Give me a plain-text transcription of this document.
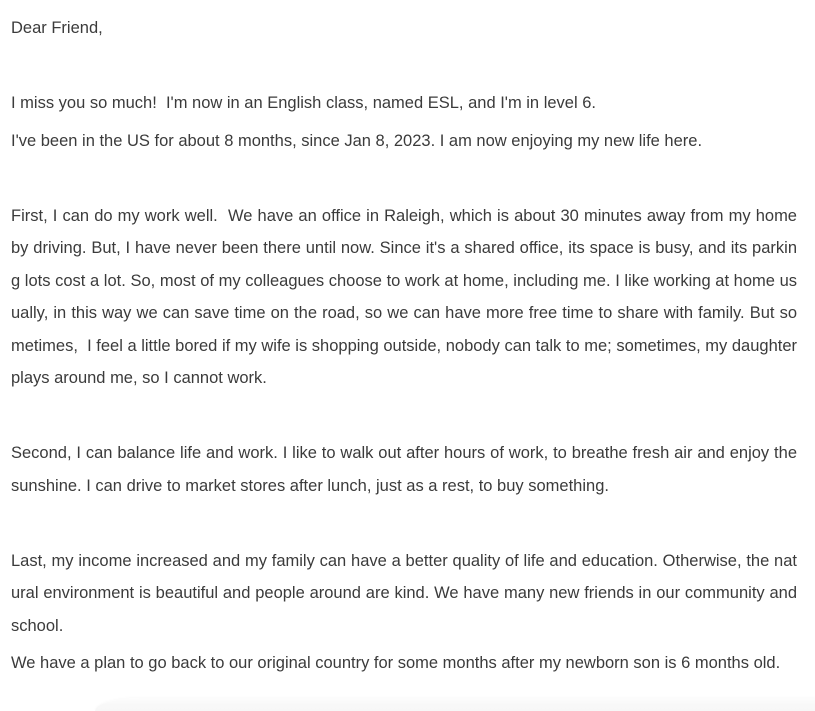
Dear Friend,

I miss you so much!  I'm now in an English class, named ESL, and I'm in level 6.

I've been in the US for about 8 months, since Jan 8, 2023. I am now enjoying my new life here.

First, I can do my work well.  We have an office in Raleigh, which is about 30 minutes away from my home by driving. But, I have never been there until now. Since it's a shared office, its space is busy, and its parking lots cost a lot. So, most of my colleagues choose to work at home, including me. I like working at home usually, in this way we can save time on the road, so we can have more free time to share with family. But sometimes,  I feel a little bored if my wife is shopping outside, nobody can talk to me; sometimes, my daughter plays around me, so I cannot work.

Second, I can balance life and work. I like to walk out after hours of work, to breathe fresh air and enjoy the sunshine. I can drive to market stores after lunch, just as a rest, to buy something.

Last, my income increased and my family can have a better quality of life and education. Otherwise, the natural environment is beautiful and people around are kind. We have many new friends in our community and school.

We have a plan to go back to our original country for some months after my newborn son is 6 months old.
